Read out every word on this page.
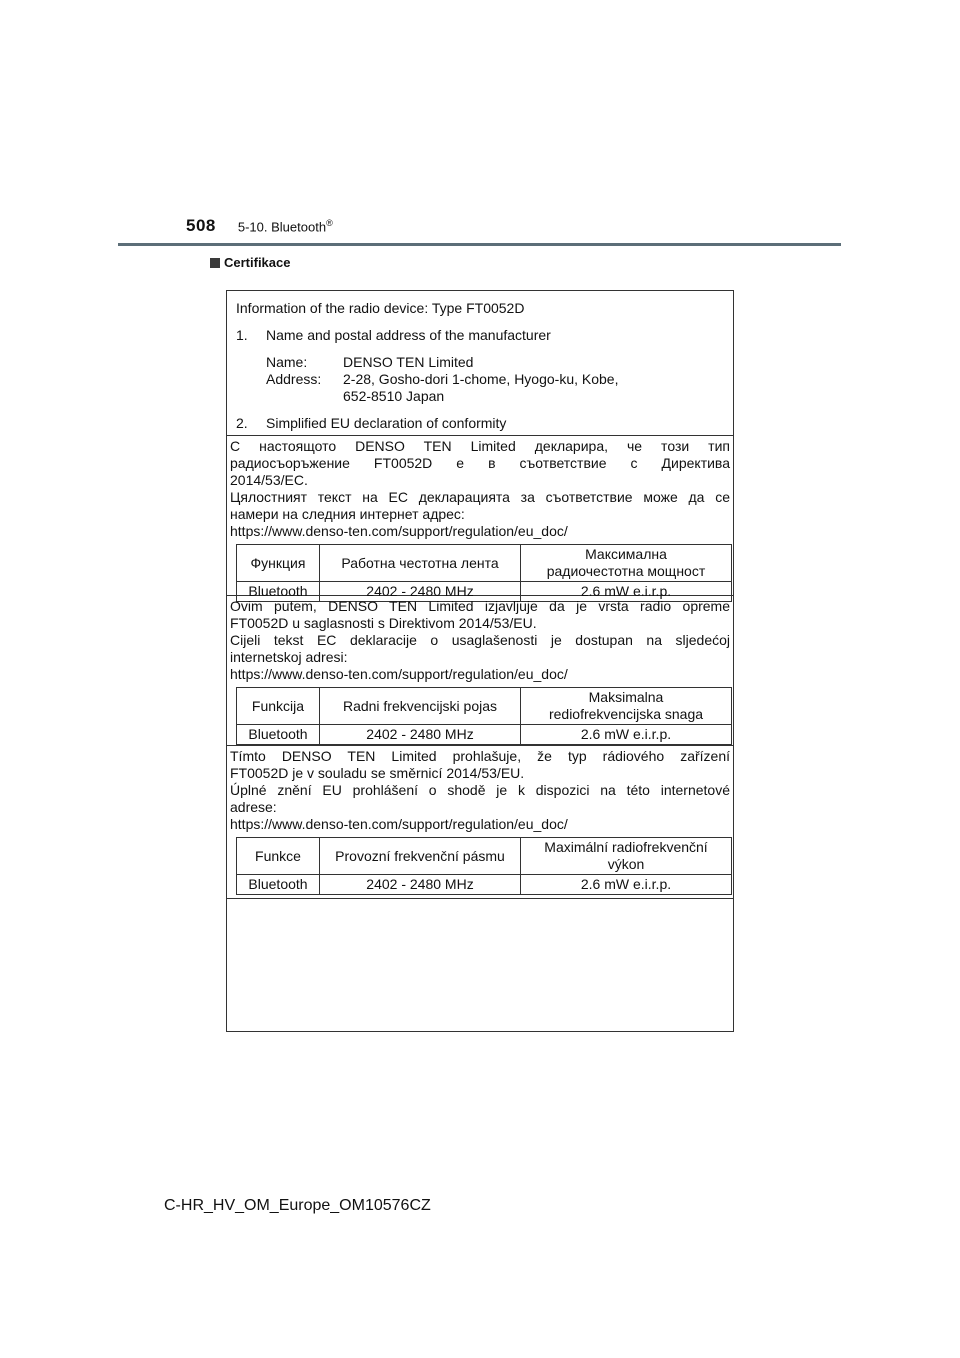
508 5-10. Bluetooth®
Certifikace

Information of the radio device: Type FT0052D

1.	Name and postal address of the manufacturer
Name:	DENSO TEN Limited
Address:	2-28, Gosho-dori 1-chome, Hyogo-ku, Kobe,
652-8510 Japan
2.	Simplified EU declaration of conformity

С настоящото DENSO TEN Limited декларира, че този тип

радиосъоръжение FT0052D е в съответствие с Директива

2014/53/ЕС.

Цялостният текст на ЕС декларацията за съответствие може да се

намери на следния интернет адрес:

https://www.denso-ten.com/support/regulation/eu_doc/

Функция	Работна честотна лента	Максимална
радиочестотна мощност
Bluetooth	2402 - 2480 MHz	2.6 mW e.i.r.p.

Ovim putem, DENSO TEN Limited izjavljuje da je vrsta radio opreme

FT0052D u saglasnosti s Direktivom 2014/53/EU.

Cijeli tekst EC deklaracije o usaglašenosti je dostupan na sljedećoj

internetskoj adresi:

https://www.denso-ten.com/support/regulation/eu_doc/

Funkcija	Radni frekvencijski pojas	Maksimalna
rediofrekvencijska snaga
Bluetooth	2402 - 2480 MHz	2.6 mW e.i.r.p.

Tímto DENSO TEN Limited prohlašuje, že typ rádiového zařízení

FT0052D je v souladu se směrnicí 2014/53/EU.

Úplné znění EU prohlášení o shodě je k dispozici na této internetové

adrese:

https://www.denso-ten.com/support/regulation/eu_doc/

Funkce	Provozní frekvenční pásmu	Maximální radiofrekvenční
výkon
Bluetooth	2402 - 2480 MHz	2.6 mW e.i.r.p.
C-HR_HV_OM_Europe_OM10576CZ
